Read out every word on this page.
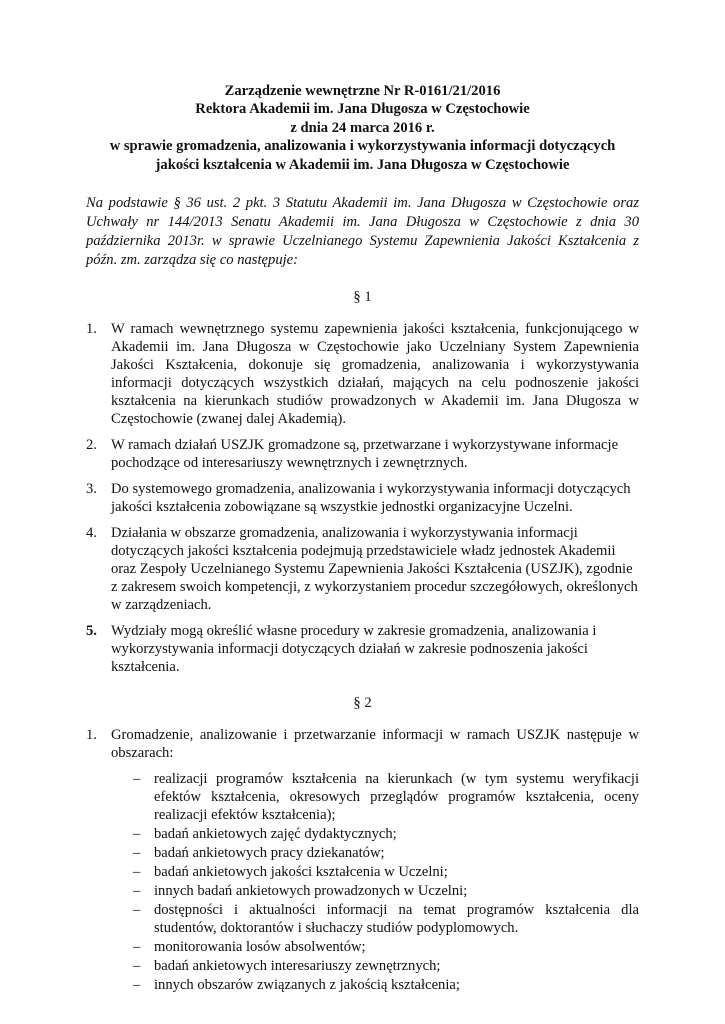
Zarządzenie wewnętrzne Nr R-0161/21/2016
Rektora Akademii im. Jana Długosza w Częstochowie
z dnia 24 marca 2016 r.
w sprawie gromadzenia, analizowania i wykorzystywania informacji dotyczących
jakości kształcenia w Akademii im. Jana Długosza w Częstochowie

Na podstawie § 36 ust. 2 pkt. 3 Statutu Akademii im. Jana Długosza w Częstochowie oraz Uchwały nr 144/2013 Senatu Akademii im. Jana Długosza w Częstochowie z dnia 30 października 2013r. w sprawie Uczelnianego Systemu Zapewnienia Jakości Kształcenia z późn. zm. zarządza się co następuje:

§ 1
1. W ramach wewnętrznego systemu zapewnienia jakości kształcenia, funkcjonującego w Akademii im. Jana Długosza w Częstochowie jako Uczelniany System Zapewnienia Jakości Kształcenia, dokonuje się gromadzenia, analizowania i wykorzystywania informacji dotyczących wszystkich działań, mających na celu podnoszenie jakości kształcenia na kierunkach studiów prowadzonych w Akademii im. Jana Długosza w Częstochowie (zwanej dalej Akademią).
2. W ramach działań USZJK gromadzone są, przetwarzane i wykorzystywane informacje pochodzące od interesariuszy wewnętrznych i zewnętrznych.
3. Do systemowego gromadzenia, analizowania i wykorzystywania informacji dotyczących jakości kształcenia zobowiązane są wszystkie jednostki organizacyjne Uczelni.
4. Działania w obszarze gromadzenia, analizowania i wykorzystywania informacji dotyczących jakości kształcenia podejmują przedstawiciele władz jednostek Akademii oraz Zespoły Uczelnianego Systemu Zapewnienia Jakości Kształcenia (USZJK), zgodnie z zakresem swoich kompetencji, z wykorzystaniem procedur szczegółowych, określonych w zarządzeniach.
5. Wydziały mogą określić własne procedury w zakresie gromadzenia, analizowania i wykorzystywania informacji dotyczących działań w zakresie podnoszenia jakości kształcenia.
§ 2
1. Gromadzenie, analizowanie i przetwarzanie informacji w ramach USZJK następuje w obszarach:
– realizacji programów kształcenia na kierunkach (w tym systemu weryfikacji efektów kształcenia, okresowych przeglądów programów kształcenia, oceny realizacji efektów kształcenia);
– badań ankietowych zajęć dydaktycznych;
– badań ankietowych pracy dziekanatów;
– badań ankietowych jakości kształcenia w Uczelni;
– innych badań ankietowych prowadzonych w Uczelni;
– dostępności i aktualności informacji na temat programów kształcenia dla studentów, doktorantów i słuchaczy studiów podyplomowych.
– monitorowania losów absolwentów;
– badań ankietowych interesariuszy zewnętrznych;
– innych obszarów związanych z jakością kształcenia;
